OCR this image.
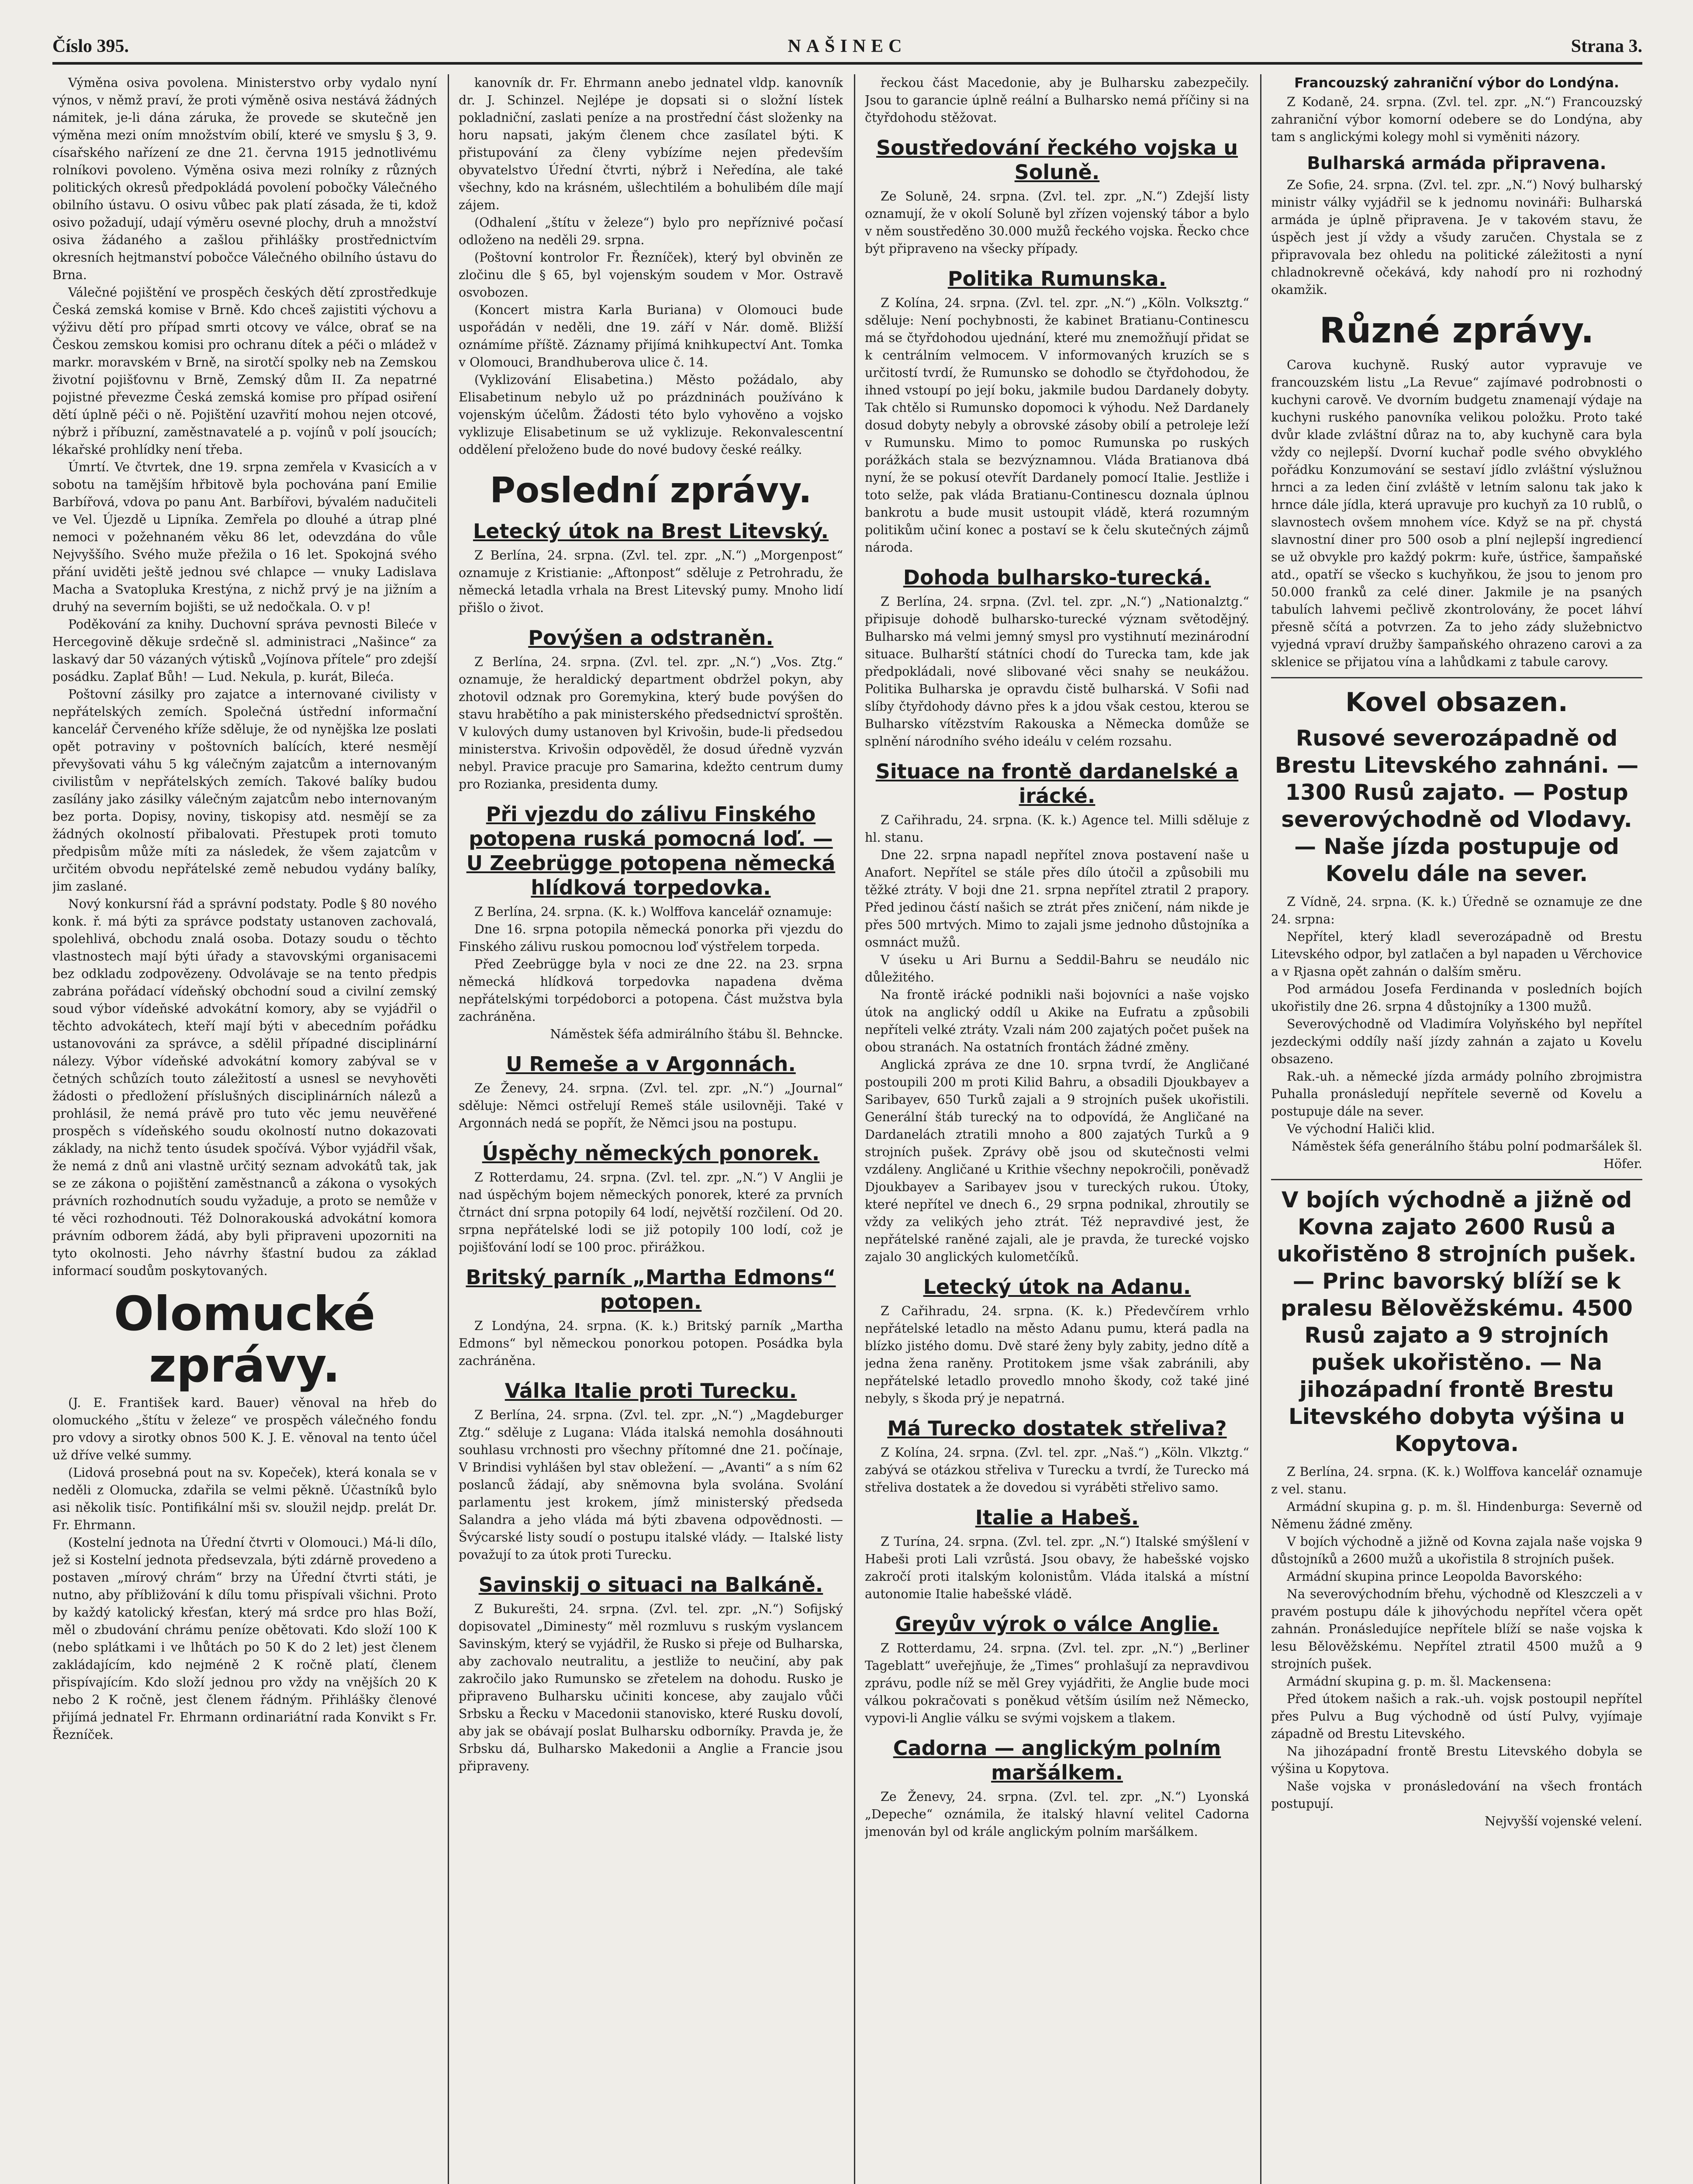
Číslo 395.	NAŠINEC	Strana 3.

Výměna osiva povolena. Ministerstvo orby vydalo nyní výnos, v němž praví, že proti výměně osiva nestává žádných námitek, je-li dána záruka, že provede se skutečně jen výměna mezi oním množstvím obilí, které ve smyslu § 3, 9. císařského nařízení ze dne 21. června 1915 jednotlivému rolníkovi povoleno. Výměna osiva mezi rolníky z různých politických okresů předpokládá povolení pobočky Válečného obilního ústavu. O osivu vůbec pak platí zásada, že ti, kdož osivo požadují, udají výměru osevné plochy, druh a množství osiva žádaného a zašlou přihlášky prostřednictvím okresních hejtmanství pobočce Válečného obilního ústavu do Brna.

Válečné pojištění ve prospěch českých dětí zprostředkuje Česká zemská komise v Brně. Kdo chceš zajistiti výchovu a výživu dětí pro případ smrti otcovy ve válce, obrať se na Českou zemskou komisi pro ochranu dítek a péči o mládež v markr. moravském v Brně, na sirotčí spolky neb na Zemskou životní pojišťovnu v Brně, Zemský dům II. Za nepatrné pojistné převezme Česká zemská komise pro případ osiření dětí úplně péči o ně. Pojištění uzavřití mohou nejen otcové, nýbrž i příbuzní, zaměstnavatelé a p. vojínů v polí jsoucích; lékařské prohlídky není třeba.

Úmrtí. Ve čtvrtek, dne 19. srpna zemřela v Kvasicích a v sobotu na tamějším hřbitově byla pochována paní Emilie Barbířová, vdova po panu Ant. Barbířovi, bývalém nadučiteli ve Vel. Újezdě u Lipníka. Zemřela po dlouhé a útrap plné nemoci v požehnaném věku 86 let, odevzdána do vůle Nejvyššího. Svého muže přežila o 16 let. Spokojná svého přání uviděti ještě jednou své chlapce — vnuky Ladislava Macha a Svatopluka Krestýna, z nichž prvý je na jižním a druhý na severním bojišti, se už nedočkala. O. v p!

Poděkování za knihy. Duchovní správa pevnosti Bileće v Hercegovině děkuje srdečně sl. administraci „Našince“ za laskavý dar 50 vázaných výtisků „Vojínova přítele“ pro zdejší posádku. Zaplať Bůh! — Lud. Nekula, p. kurát, Bileća.

Poštovní zásilky pro zajatce a internované civilisty v nepřátelských zemích. Společná ústřední informační kancelář Červeného kříže sděluje, že od nynějška lze poslati opět potraviny v poštovních balících, které nesmějí převyšovati váhu 5 kg válečným zajatcům a internovaným civilistům v nepřátelských zemích. Takové balíky budou zasílány jako zásilky válečným zajatcům nebo internovaným bez porta. Dopisy, noviny, tiskopisy atd. nesmějí se za žádných okolností přibalovati. Přestupek proti tomuto předpisům může míti za následek, že všem zajatcům v určitém obvodu nepřátelské země nebudou vydány balíky, jim zaslané.

Nový konkursní řád a správní podstaty. Podle § 80 nového konk. ř. má býti za správce podstaty ustanoven zachovalá, spolehlivá, obchodu znalá osoba. Dotazy soudu o těchto vlastnostech mají býti úřady a stavovskými organisacemi bez odkladu zodpovězeny. Odvolávaje se na tento předpis zabrána pořádací vídeňský obchodní soud a civilní zemský soud výbor vídeňské advokátní komory, aby se vyjádřil o těchto advokátech, kteří mají býti v abecedním pořádku ustanovováni za správce, a sdělil případné disciplinární nálezy. Výbor vídeňské advokátní komory zabýval se v četných schůzích touto záležitostí a usnesl se nevyhověti žádosti o předložení příslušných disciplinárních nálezů a prohlásil, že nemá právě pro tuto věc jemu neuvěřené prospěch s vídeňského soudu okolností nutno dokazovati základy, na nichž tento úsudek spočívá. Výbor vyjádřil však, že nemá z dnů ani vlastně určitý seznam advokátů tak, jak se ze zákona o pojištění zaměstnanců a zákona o vysokých právních rozhodnutích soudu vyžaduje, a proto se nemůže v té věci rozhodnouti. Též Dolnorakouská advokátní komora právním odborem žádá, aby byli připraveni upozorniti na tyto okolnosti. Jeho návrhy šťastní budou za základ informací soudům poskytovaných.

Olomucké zprávy.

(J. E. František kard. Bauer) věnoval na hřeb do olomuckého „štítu v železe“ ve prospěch válečného fondu pro vdovy a sirotky obnos 500 K. J. E. věnoval na tento účel už dříve velké summy.

(Lidová prosebná pout na sv. Kopeček), která konala se v neděli z Olomucka, zdařila se velmi pěkně. Účastníků bylo asi několik tisíc. Pontifikální mši sv. sloužil nejdp. prelát Dr. Fr. Ehrmann.

(Kostelní jednota na Úřední čtvrti v Olomouci.) Má-li dílo, jež si Kostelní jednota předsevzala, býti zdárně provedeno a postaven „mírový chrám“ brzy na Úřední čtvrti státi, je nutno, aby příbližování k dílu tomu přispívali všichni. Proto by každý katolický křesťan, který má srdce pro hlas Boží, měl o zbudování chrámu peníze obětovati. Kdo složí 100 K (nebo splátkami i ve lhůtách po 50 K do 2 let) jest členem zakládajícím, kdo nejméně 2 K ročně platí, členem přispívajícím. Kdo složí jednou pro vždy na vnějších 20 K nebo 2 K ročně, jest členem řádným. Přihlášky členové přijímá jednatel Fr. Ehrmann ordinariátní rada Konvikt s Fr. Řezníček.

kanovník dr. Fr. Ehrmann anebo jednatel vldp. kanovník dr. J. Schinzel. Nejlépe je dopsati si o složní lístek pokladniční, zaslati peníze a na prostřední část složenky na horu napsati, jakým členem chce zasílatel býti. K přistupování za členy vybízíme nejen především obyvatelstvo Úřední čtvrti, nýbrž i Neředína, ale také všechny, kdo na krásném, ušlechtilém a bohulibém díle mají zájem.

(Odhalení „štítu v železe“) bylo pro nepříznivé počasí odloženo na neděli 29. srpna.

(Poštovní kontrolor Fr. Řezníček), který byl obviněn ze zločinu dle § 65, byl vojenským soudem v Mor. Ostravě osvobozen.

(Koncert mistra Karla Buriana) v Olomouci bude uspořádán v neděli, dne 19. září v Nár. domě. Bližší oznámíme příště. Záznamy přijímá knihkupectví Ant. Tomka v Olomouci, Brandhuberova ulice č. 14.

(Vyklizování Elisabetina.) Město požádalo, aby Elisabetinum nebylo už po prázdninách používáno k vojenským účelům. Žádosti této bylo vyhověno a vojsko vyklizuje Elisabetinum se už vyklizuje. Rekonvalescentní oddělení přeloženo bude do nové budovy české reálky.

Poslední zprávy.
Letecký útok na Brest Litevský.

Z Berlína, 24. srpna. (Zvl. tel. zpr. „N.“) „Morgenpost“ oznamuje z Kristianie: „Aftonpost“ sděluje z Petrohradu, že německá letadla vrhala na Brest Litevský pumy. Mnoho lidí přišlo o život.

Povýšen a odstraněn.

Z Berlína, 24. srpna. (Zvl. tel. zpr. „N.“) „Vos. Ztg.“ oznamuje, že heraldický department obdržel pokyn, aby zhotovil odznak pro Goremykina, který bude povýšen do stavu hrabětího a pak ministerského předsednictví sproštěn. V kulových dumy ustanoven byl Krivošin, bude-li předsedou ministerstva. Krivošin odpověděl, že dosud úředně vyzván nebyl. Pravice pracuje pro Samarina, kdežto centrum dumy pro Rozianka, presidenta dumy.

Při vjezdu do zálivu Finského potopena ruská pomocná loď. — U Zeebrügge potopena německá hlídková torpedovka.

Z Berlína, 24. srpna. (K. k.) Wolffova kancelář oznamuje:

Dne 16. srpna potopila německá ponorka při vjezdu do Finského zálivu ruskou pomocnou loď výstřelem torpeda.

Před Zeebrügge byla v noci ze dne 22. na 23. srpna německá hlídková torpedovka napadena dvěma nepřátelskými torpédoborci a potopena. Část mužstva byla zachráněna.

Náměstek šéfa admirálního štábu šl. Behncke.

U Remeše a v Argonnách.

Ze Ženevy, 24. srpna. (Zvl. tel. zpr. „N.“) „Journal“ sděluje: Němci ostřelují Remeš stále usilovněji. Také v Argonnách nedá se popřít, že Němci jsou na postupu.

Úspěchy německých ponorek.

Z Rotterdamu, 24. srpna. (Zvl. tel. zpr. „N.“) V Anglii je nad úspěchým bojem německých ponorek, které za prvních čtrnáct dní srpna potopily 64 lodí, největší rozčilení. Od 20. srpna nepřátelské lodi se již potopily 100 lodí, což je pojišťování lodí se 100 proc. přirážkou.

Britský parník „Martha Edmons“ potopen.

Z Londýna, 24. srpna. (K. k.) Britský parník „Martha Edmons“ byl německou ponorkou potopen. Posádka byla zachráněna.

Válka Italie proti Turecku.

Z Berlína, 24. srpna. (Zvl. tel. zpr. „N.“) „Magdeburger Ztg.“ sděluje z Lugana: Vláda italská nemohla dosáhnouti souhlasu vrchnosti pro všechny přítomné dne 21. počínaje, V Brindisi vyhlášen byl stav obležení. — „Avanti“ a s ním 62 poslanců žádají, aby sněmovna byla svolána. Svolání parlamentu jest krokem, jímž ministerský předseda Salandra a jeho vláda má býti zbavena odpovědnosti. — Švýcarské listy soudí o postupu italské vlády. — Italské listy považují to za útok proti Turecku.

Savinskij o situaci na Balkáně.

Z Bukurešti, 24. srpna. (Zvl. tel. zpr. „N.“) Sofijský dopisovatel „Diminesty“ měl rozmluvu s ruským vyslancem Savinským, který se vyjádřil, že Rusko si přeje od Bulharska, aby zachovalo neutralitu, a jestliže to neučiní, aby pak zakročilo jako Rumunsko se zřetelem na dohodu. Rusko je připraveno Bulharsku učiniti koncese, aby zaujalo vůči Srbsku a Řecku v Macedonii stanovisko, které Rusku dovolí, aby jak se obávají poslat Bulharsku odborníky. Pravda je, že Srbsku dá, Bulharsko Makedonii a Anglie a Francie jsou připraveny.

řeckou část Macedonie, aby je Bulharsku zabezpečily. Jsou to garancie úplně reální a Bulharsko nemá příčiny si na čtyřdohodu stěžovat.

Soustředování řeckého vojska u Soluně.

Ze Soluně, 24. srpna. (Zvl. tel. zpr. „N.“) Zdejší listy oznamují, že v okolí Soluně byl zřízen vojenský tábor a bylo v něm soustředěno 30.000 mužů řeckého vojska. Řecko chce být připraveno na všecky případy.

Politika Rumunska.

Z Kolína, 24. srpna. (Zvl. tel. zpr. „N.“) „Köln. Volksztg.“ sděluje: Není pochybnosti, že kabinet Bratianu-Continescu má se čtyřdohodou ujednání, které mu znemožňují přidat se k centrálním velmocem. V informovaných kruzích se s určitostí tvrdí, že Rumunsko se dohodlo se čtyřdohodou, že ihned vstoupí po její boku, jakmile budou Dardanely dobyty. Tak chtělo si Rumunsko dopomoci k výhodu. Než Dardanely dosud dobyty nebyly a obrovské zásoby obilí a petroleje leží v Rumunsku. Mimo to pomoc Rumunska po ruských porážkách stala se bezvýznamnou. Vláda Bratianova dbá nyní, že se pokusí otevřít Dardanely pomocí Italie. Jestliže i toto selže, pak vláda Bratianu-Continescu doznala úplnou bankrotu a bude musit ustoupit vládě, která rozumným politikům učiní konec a postaví se k čelu skutečných zájmů národa.

Dohoda bulharsko-turecká.

Z Berlína, 24. srpna. (Zvl. tel. zpr. „N.“) „Nationalztg.“ připisuje dohodě bulharsko-turecké význam světodějný. Bulharsko má velmi jemný smysl pro vystihnutí mezinárodní situace. Bulharští státníci chodí do Turecka tam, kde jak předpokládali, nové slibované věci snahy se neukážou. Politika Bulharska je opravdu čistě bulharská. V Sofii nad slíby čtyřdohody dávno přes k a jdou však cestou, kterou se Bulharsko vítězstvím Rakouska a Německa domůže se splnění národního svého ideálu v celém rozsahu.

Situace na frontě dardanelské a irácké.

Z Cařihradu, 24. srpna. (K. k.) Agence tel. Milli sděluje z hl. stanu.

Dne 22. srpna napadl nepřítel znova postavení naše u Anafort. Nepřítel se stále přes dílo útočil a způsobili mu těžké ztráty. V boji dne 21. srpna nepřítel ztratil 2 prapory. Před jedinou částí našich se ztrát přes zničení, nám nikde je přes 500 mrtvých. Mimo to zajali jsme jednoho důstojníka a osmnáct mužů.

V úseku u Ari Burnu a Seddil-Bahru se neudálo nic důležitého.

Na frontě irácké podnikli naši bojovníci a naše vojsko útok na anglický oddíl u Akike na Eufratu a způsobili nepříteli velké ztráty. Vzali nám 200 zajatých počet pušek na obou stranách. Na ostatních frontách žádné změny.

Anglická zpráva ze dne 10. srpna tvrdí, že Angličané postoupili 200 m proti Kilid Bahru, a obsadili Djoukbayev a Saribayev, 650 Turků zajali a 9 strojních pušek ukořistili. Generální štáb turecký na to odpovídá, že Angličané na Dardanelách ztratili mnoho a 800 zajatých Turků a 9 strojních pušek. Zprávy obě jsou od skutečnosti velmi vzdáleny. Angličané u Krithie všechny nepokročili, poněvadž Djoukbayev a Saribayev jsou v tureckých rukou. Útoky, které nepřítel ve dnech 6., 29 srpna podnikal, zhroutily se vždy za velikých jeho ztrát. Též nepravdivé jest, že nepřátelské raněné zajali, ale je pravda, že turecké vojsko zajalo 30 anglických kulometčíků.

Letecký útok na Adanu.

Z Cařihradu, 24. srpna. (K. k.) Předevčírem vrhlo nepřátelské letadlo na město Adanu pumu, která padla na blízko jistého domu. Dvě staré ženy byly zabity, jedno dítě a jedna žena raněny. Protitokem jsme však zabránili, aby nepřátelské letadlo provedlo mnoho škody, což také jiné nebyly, s škoda prý je nepatrná.

Má Turecko dostatek střeliva?

Z Kolína, 24. srpna. (Zvl. tel. zpr. „Naš.“) „Köln. Vlkztg.“ zabývá se otázkou střeliva v Turecku a tvrdí, že Turecko má střeliva dostatek a že dovedou si vyráběti střelivo samo.

Italie a Habeš.

Z Turína, 24. srpna. (Zvl. tel. zpr. „N.“) Italské smýšlení v Habeši proti Lali vzrůstá. Jsou obavy, že habešské vojsko zakročí proti italským kolonistům. Vláda italská a místní autonomie Italie habešské vládě.

Greyův výrok o válce Anglie.

Z Rotterdamu, 24. srpna. (Zvl. tel. zpr. „N.“) „Berliner Tageblatt“ uveřejňuje, že „Times“ prohlašují za nepravdivou zprávu, podle níž se měl Grey vyjádřiti, že Anglie bude moci válkou pokračovati s poněkud větším úsilím než Německo, vypovi-li Anglie válku se svými vojskem a tlakem.

Cadorna — anglickým polním maršálkem.

Ze Ženevy, 24. srpna. (Zvl. tel. zpr. „N.“) Lyonská „Depeche“ oznámila, že italský hlavní velitel Cadorna jmenován byl od krále anglickým polním maršálkem.

Francouzský zahraniční výbor do Londýna.

Z Kodaně, 24. srpna. (Zvl. tel. zpr. „N.“) Francouzský zahraniční výbor komorní odebere se do Londýna, aby tam s anglickými kolegy mohl si vyměniti názory.

Bulharská armáda připravena.

Ze Sofie, 24. srpna. (Zvl. tel. zpr. „N.“) Nový bulharský ministr války vyjádřil se k jednomu novináři: Bulharská armáda je úplně připravena. Je v takovém stavu, že úspěch jest jí vždy a všudy zaručen. Chystala se z připravovala bez ohledu na politické záležitosti a nyní chladnokrevně očekává, kdy nahodí pro ni rozhodný okamžik.

Různé zprávy.

Carova kuchyně. Ruský autor vypravuje ve francouzském listu „La Revue“ zajímavé podrobnosti o kuchyni carově. Ve dvorním budgetu znamenají výdaje na kuchyni ruského panovníka velikou položku. Proto také dvůr klade zvláštní důraz na to, aby kuchyně cara byla vždy co nejlepší. Dvorní kuchař podle svého obvyklého pořádku Konzumování se sestaví jídlo zvláštní výslužnou hrnci a za leden činí zvláště v letním salonu tak jako k hrnce dále jídla, která upravuje pro kuchyň za 10 rublů, o slavnostech ovšem mnohem více. Když se na př. chystá slavnostní diner pro 500 osob a plní nejlepší ingrediencí se už obvykle pro každý pokrm: kuře, ústřice, šampaňské atd., opatří se všecko s kuchyňkou, že jsou to jenom pro 50.000 franků za celé diner. Jakmile je na psaných tabulích lahvemi pečlivě zkontrolovány, že pocet láhví přesně sčítá a potvrzen. Za to jeho zády služebnictvo vyjedná vpraví družby šampaňského ohrazeno carovi a za sklenice se přijatou vína a lahůdkami z tabule carovy.

Kovel obsazen.
Rusové severozápadně od Brestu Litevského zahnáni. — 1300 Rusů zajato. — Postup severovýchodně od Vlodavy. — Naše jízda postupuje od Kovelu dále na sever.

Z Vídně, 24. srpna. (K. k.) Úředně se oznamuje ze dne 24. srpna:

Nepřítel, který kladl severozápadně od Brestu Litevského odpor, byl zatlačen a byl napaden u Věrchovice a v Rjasna opět zahnán o dalším směru.

Pod armádou Josefa Ferdinanda v posledních bojích ukořistily dne 26. srpna 4 důstojníky a 1300 mužů.

Severovýchodně od Vladimíra Volyňského byl nepřítel jezdeckými oddíly naší jízdy zahnán a zajato u Kovelu obsazeno.

Rak.-uh. a německé jízda armády polního zbrojmistra Puhalla pronásledují nepřítele severně od Kovelu a postupuje dále na sever.

Ve východní Haliči klid.

Náměstek šéfa generálního štábu polní podmaršálek šl. Höfer.

V bojích východně a jižně od Kovna zajato 2600 Rusů a ukořistěno 8 strojních pušek. — Princ bavorský blíží se k pralesu Bělověžskému. 4500 Rusů zajato a 9 strojních pušek ukořistěno. — Na jihozápadní frontě Brestu Litevského dobyta výšina u Kopytova.

Z Berlína, 24. srpna. (K. k.) Wolffova kancelář oznamuje z vel. stanu.

Armádní skupina g. p. m. šl. Hindenburga: Severně od Němenu žádné změny.

V bojích východně a jižně od Kovna zajala naše vojska 9 důstojníků a 2600 mužů a ukořistila 8 strojních pušek.

Armádní skupina prince Leopolda Bavorského:

Na severovýchodním břehu, východně od Kleszczeli a v pravém postupu dále k jihovýchodu nepřítel včera opět zahnán. Pronásledujíce nepřítele blíží se naše vojska k lesu Bělověžskému. Nepřítel ztratil 4500 mužů a 9 strojních pušek.

Armádní skupina g. p. m. šl. Mackensena:

Před útokem našich a rak.-uh. vojsk postoupil nepřítel přes Pulvu a Bug východně od ústí Pulvy, vyjímaje západně od Brestu Litevského.

Na jihozápadní frontě Brestu Litevského dobyla se výšina u Kopytova.

Naše vojska v pronásledování na všech frontách postupují.

Nejvyšší vojenské velení.
